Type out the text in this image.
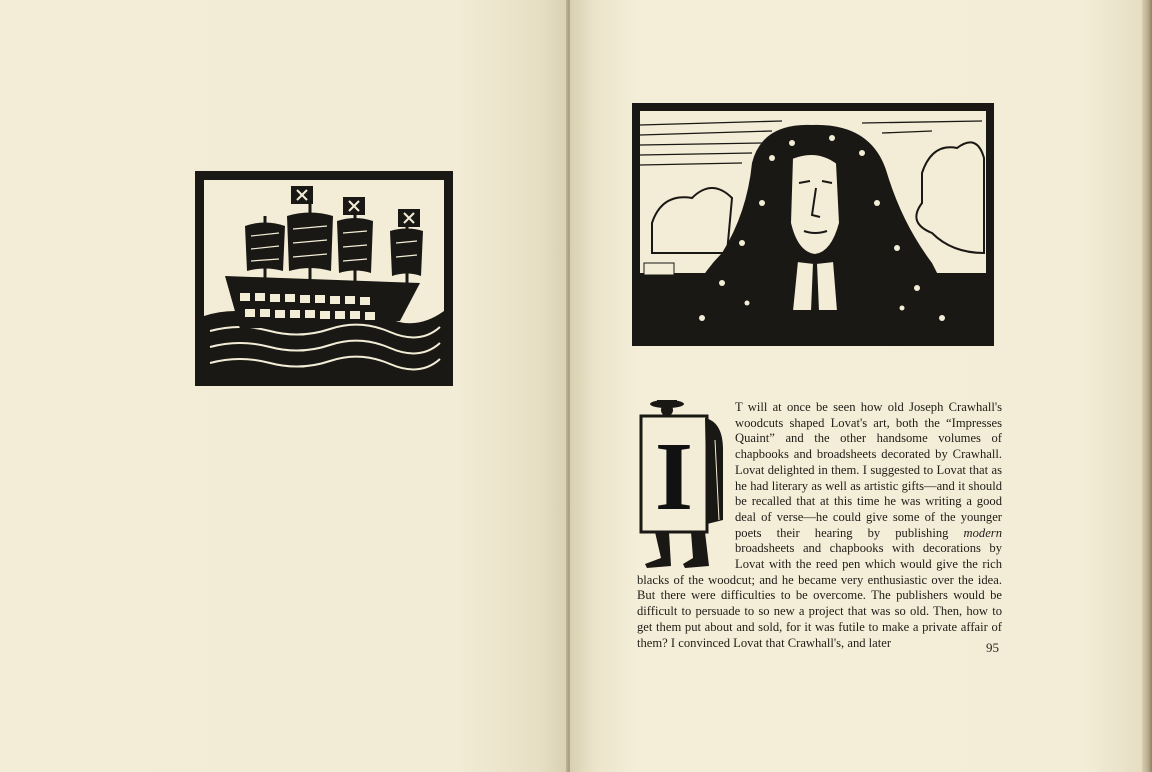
I
T will at once be seen how old Joseph Crawhall's woodcuts shaped Lovat's art, both the “Impresses Quaint” and the other handsome volumes of chapbooks and broadsheets decorated by Crawhall. Lovat delighted in them. I suggested to Lovat that as he had literary as well as artistic gifts—and it should be recalled that at this time he was writing a good deal of verse—he could give some of the younger poets their hearing by publishing modern broadsheets and chapbooks with decorations by Lovat with the reed pen which would give the rich blacks of the woodcut; and he became very enthusiastic over the idea. But there were difficulties to be overcome. The publishers would be difficult to persuade to so new a project that was so old. Then, how to get them put about and sold, for it was futile to make a private affair of them? I convinced Lovat that Crawhall's, and later	95
